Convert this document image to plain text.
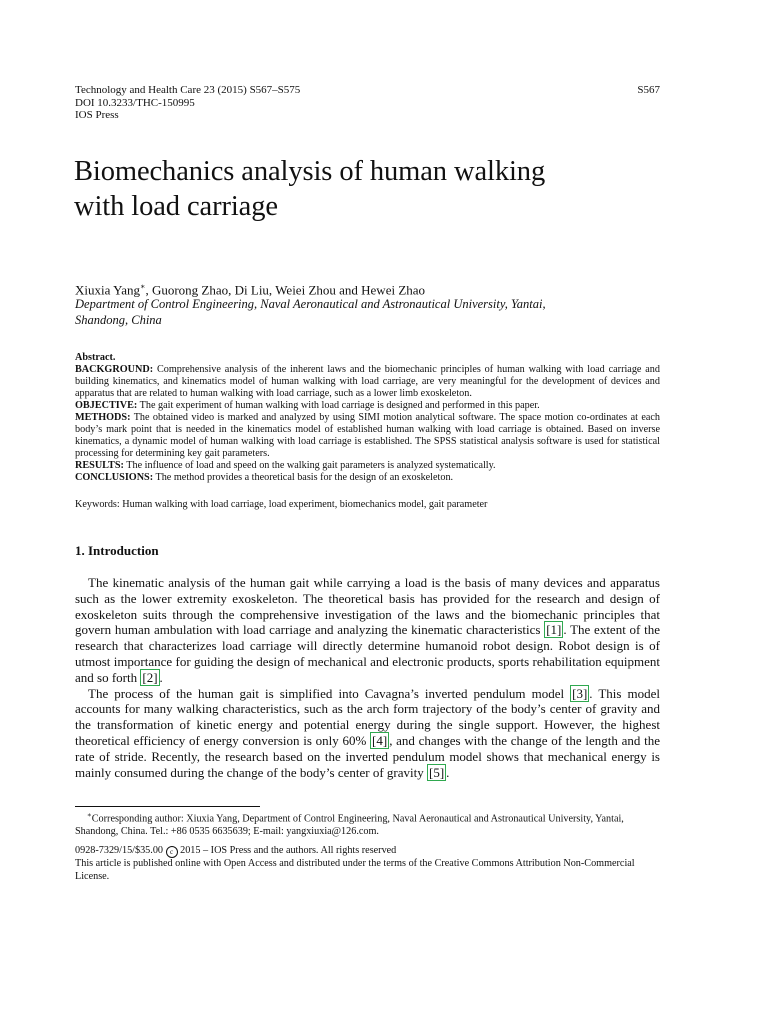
Technology and Health Care 23 (2015) S567–S575
DOI 10.3233/THC-150995
IOS Press
S567
Biomechanics analysis of human walking
with load carriage
Xiuxia Yang∗, Guorong Zhao, Di Liu, Weiei Zhou and Hewei Zhao
Department of Control Engineering, Naval Aeronautical and Astronautical University, Yantai,
Shandong, China

Abstract.

BACKGROUND: Comprehensive analysis of the inherent laws and the biomechanic principles of human walking with load carriage and building kinematics, and kinematics model of human walking with load carriage, are very meaningful for the development of devices and apparatus that are related to human walking with load carriage, such as a lower limb exoskeleton.

OBJECTIVE: The gait experiment of human walking with load carriage is designed and performed in this paper.

METHODS: The obtained video is marked and analyzed by using SIMI motion analytical software. The space motion co-ordinates at each body’s mark point that is needed in the kinematics model of established human walking with load carriage is obtained. Based on inverse kinematics, a dynamic model of human walking with load carriage is established. The SPSS statistical analysis software is used for statistical processing for determining key gait parameters.

RESULTS: The influence of load and speed on the walking gait parameters is analyzed systematically.

CONCLUSIONS: The method provides a theoretical basis for the design of an exoskeleton.

Keywords: Human walking with load carriage, load experiment, biomechanics model, gait parameter
1. Introduction

The kinematic analysis of the human gait while carrying a load is the basis of many devices and apparatus such as the lower extremity exoskeleton. The theoretical basis has provided for the research and design of exoskeleton suits through the comprehensive investigation of the laws and the biomechanic principles that govern human ambulation with load carriage and analyzing the kinematic characteristics [1] . The extent of the research that characterizes load carriage will directly determine humanoid robot design. Robot design is of utmost importance for guiding the design of mechanical and electronic products, sports rehabilitation equipment and so forth [2] .

The process of the human gait is simplified into Cavagna’s inverted pendulum model [3] . This model accounts for many walking characteristics, such as the arch form trajectory of the body’s center of gravity and the transformation of kinetic energy and potential energy during the single support. However, the highest theoretical efficiency of energy conversion is only 60% [4] , and changes with the change of the length and the rate of stride. Recently, the research based on the inverted pendulum model shows that mechanical energy is mainly consumed during the change of the body’s center of gravity [5] .

∗Corresponding author: Xiuxia Yang, Department of Control Engineering, Naval Aeronautical and Astronautical University, Yantai, Shandong, China. Tel.: +86 0535 6635639; E-mail: yangxiuxia@126.com.

0928-7329/15/$35.00 c 2015 – IOS Press and the authors. All rights reserved

This article is published online with Open Access and distributed under the terms of the Creative Commons Attribution Non-Commercial License.
